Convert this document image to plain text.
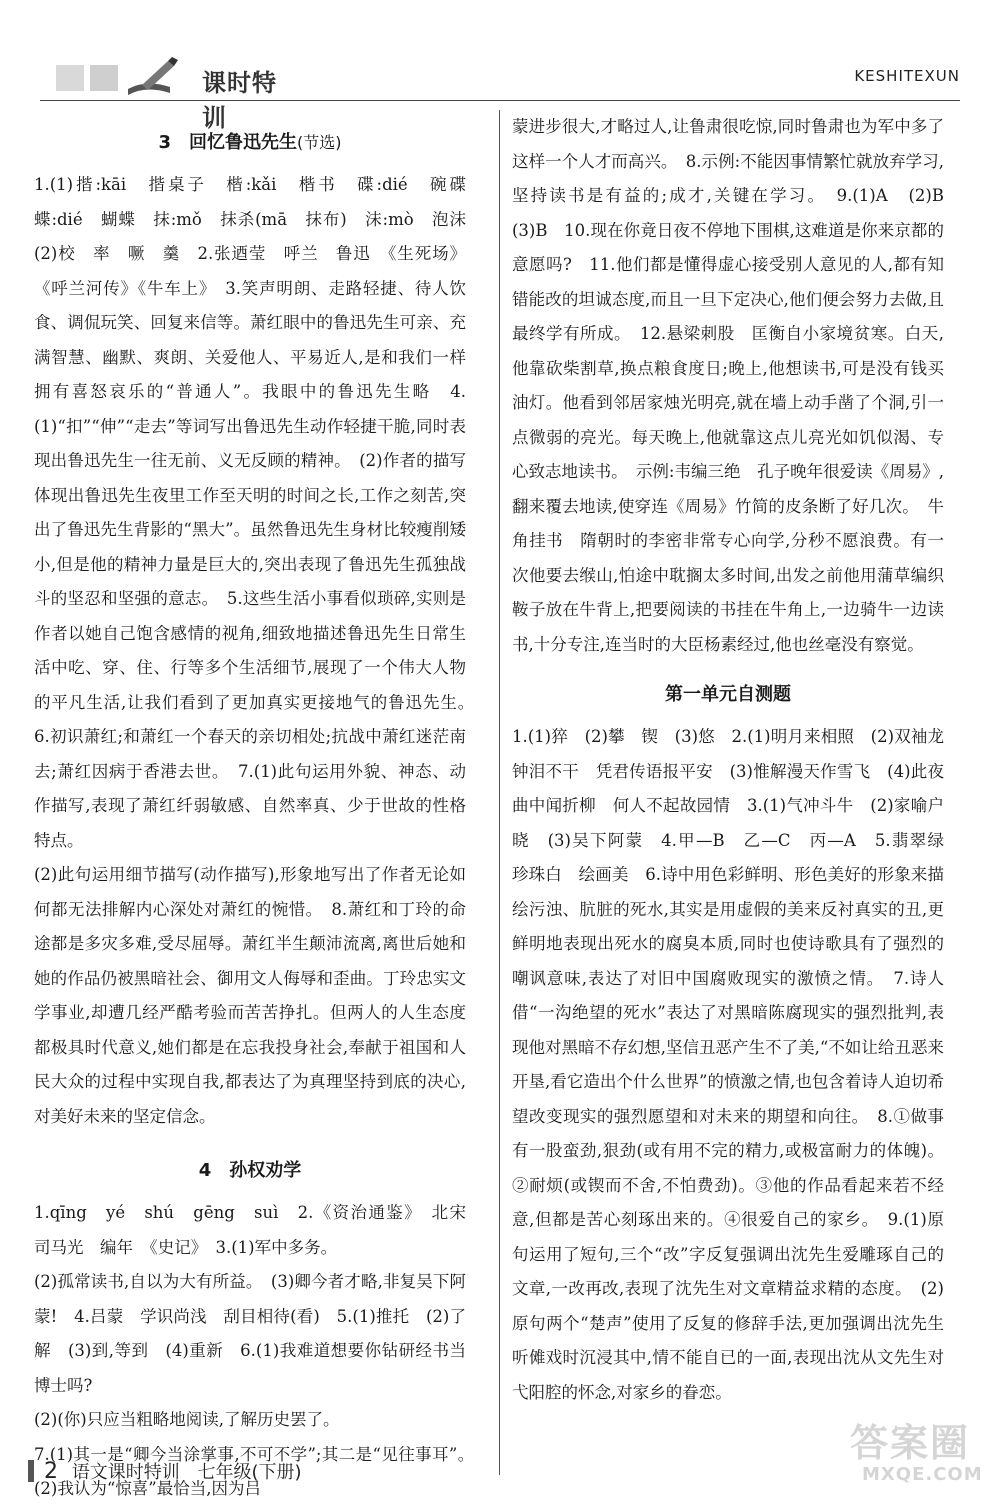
课时特训
KESHITEXUN
3　回忆鲁迅先生(节选)

1.(1)揩:kāi　揩桌子　楷:kǎi　楷书　碟:dié　碗碟　蝶:dié　蝴蝶　抹:mǒ　抹杀(mā　抹布)　沫:mò　泡沫　(2)校　率　噘　羹　2.张迺莹　呼兰　鲁迅　《生死场》《呼兰河传》《牛车上》　3.笑声明朗、走路轻捷、待人饮食、调侃玩笑、回复来信等。萧红眼中的鲁迅先生可亲、充满智慧、幽默、爽朗、关爱他人、平易近人,是和我们一样拥有喜怒哀乐的“普通人”。我眼中的鲁迅先生略　4.(1)“扣”“伸”“走去”等词写出鲁迅先生动作轻捷干脆,同时表现出鲁迅先生一往无前、义无反顾的精神。　(2)作者的描写体现出鲁迅先生夜里工作至天明的时间之长,工作之刻苦,突出了鲁迅先生背影的“黑大”。虽然鲁迅先生身材比较瘦削矮小,但是他的精神力量是巨大的,突出表现了鲁迅先生孤独战斗的坚忍和坚强的意志。　5.这些生活小事看似琐碎,实则是作者以她自己饱含感情的视角,细致地描述鲁迅先生日常生活中吃、穿、住、行等多个生活细节,展现了一个伟大人物的平凡生活,让我们看到了更加真实更接地气的鲁迅先生。　6.初识萧红;和萧红一个春天的亲切相处;抗战中萧红迷茫南去;萧红因病于香港去世。　7.(1)此句运用外貌、神态、动作描写,表现了萧红纤弱敏感、自然率真、少于世故的性格特点。

(2)此句运用细节描写(动作描写),形象地写出了作者无论如何都无法排解内心深处对萧红的惋惜。　8.萧红和丁玲的命途都是多灾多难,受尽屈辱。萧红半生颠沛流离,离世后她和她的作品仍被黑暗社会、御用文人侮辱和歪曲。丁玲忠实文学事业,却遭几经严酷考验而苦苦挣扎。但两人的人生态度都极具时代意义,她们都是在忘我投身社会,奉献于祖国和人民大众的过程中实现自我,都表达了为真理坚持到底的决心,对美好未来的坚定信念。

4　孙权劝学

1.qīng　yé　shú　gēng　suì　2.《资治通鉴》　北宋　司马光　编年　《史记》　3.(1)军中多务。

(2)孤常读书,自以为大有所益。　(3)卿今者才略,非复吴下阿蒙!　4.吕蒙　学识尚浅　刮目相待(看)　5.(1)推托　(2)了解　(3)到,等到　(4)重新　6.(1)我难道想要你钻研经书当博士吗?

(2)(你)只应当粗略地阅读,了解历史罢了。

7.(1)其一是“卿今当涂掌事,不可不学”;其二是“见往事耳”。　(2)我认为“惊喜”最恰当,因为吕

蒙进步很大,才略过人,让鲁肃很吃惊,同时鲁肃也为军中多了这样一个人才而高兴。　8.示例:不能因事情繁忙就放弃学习,坚持读书是有益的;成才,关键在学习。　9.(1)A　(2)B　(3)B　10.现在你竟日夜不停地下围棋,这难道是你来京都的意愿吗?　11.他们都是懂得虚心接受别人意见的人,都有知错能改的坦诚态度,而且一旦下定决心,他们便会努力去做,且最终学有所成。　12.悬梁刺股　匡衡自小家境贫寒。白天,他靠砍柴割草,换点粮食度日;晚上,他想读书,可是没有钱买油灯。他看到邻居家烛光明亮,就在墙上动手凿了个洞,引一点微弱的亮光。每天晚上,他就靠这点儿亮光如饥似渴、专心致志地读书。　示例:韦编三绝　孔子晚年很爱读《周易》,翻来覆去地读,使穿连《周易》竹简的皮条断了好几次。　牛角挂书　隋朝时的李密非常专心向学,分秒不愿浪费。有一次他要去缑山,怕途中耽搁太多时间,出发之前他用蒲草编织鞍子放在牛背上,把要阅读的书挂在牛角上,一边骑牛一边读书,十分专注,连当时的大臣杨素经过,他也丝毫没有察觉。

第一单元自测题

1.(1)猝　(2)攀　锲　(3)悠　2.(1)明月来相照　(2)双袖龙钟泪不干　凭君传语报平安　(3)惟解漫天作雪飞　(4)此夜曲中闻折柳　何人不起故园情　3.(1)气冲斗牛　(2)家喻户晓　(3)吴下阿蒙　4.甲—B　乙—C　丙—A　5.翡翠绿　珍珠白　绘画美　6.诗中用色彩鲜明、形色美好的形象来描绘污浊、肮脏的死水,其实是用虚假的美来反衬真实的丑,更鲜明地表现出死水的腐臭本质,同时也使诗歌具有了强烈的嘲讽意味,表达了对旧中国腐败现实的激愤之情。　7.诗人借“一沟绝望的死水”表达了对黑暗陈腐现实的强烈批判,表现他对黑暗不存幻想,坚信丑恶产生不了美,“不如让给丑恶来开垦,看它造出个什么世界”的愤激之情,也包含着诗人迫切希望改变现实的强烈愿望和对未来的期望和向往。　8.①做事有一股蛮劲,狠劲(或有用不完的精力,或极富耐力的体魄)。②耐烦(或锲而不舍,不怕费劲)。③他的作品看起来若不经意,但都是苦心刻琢出来的。④很爱自己的家乡。　9.(1)原句运用了短句,三个“改”字反复强调出沈先生爱雕琢自己的文章,一改再改,表现了沈先生对文章精益求精的态度。　(2)原句两个“楚声”使用了反复的修辞手法,更加强调出沈先生听傩戏时沉浸其中,情不能自已的一面,表现出沈从文先生对弋阳腔的怀念,对家乡的眷恋。

2 语文课时特训 七年级(下册)
答案圈
MXQE.COM
